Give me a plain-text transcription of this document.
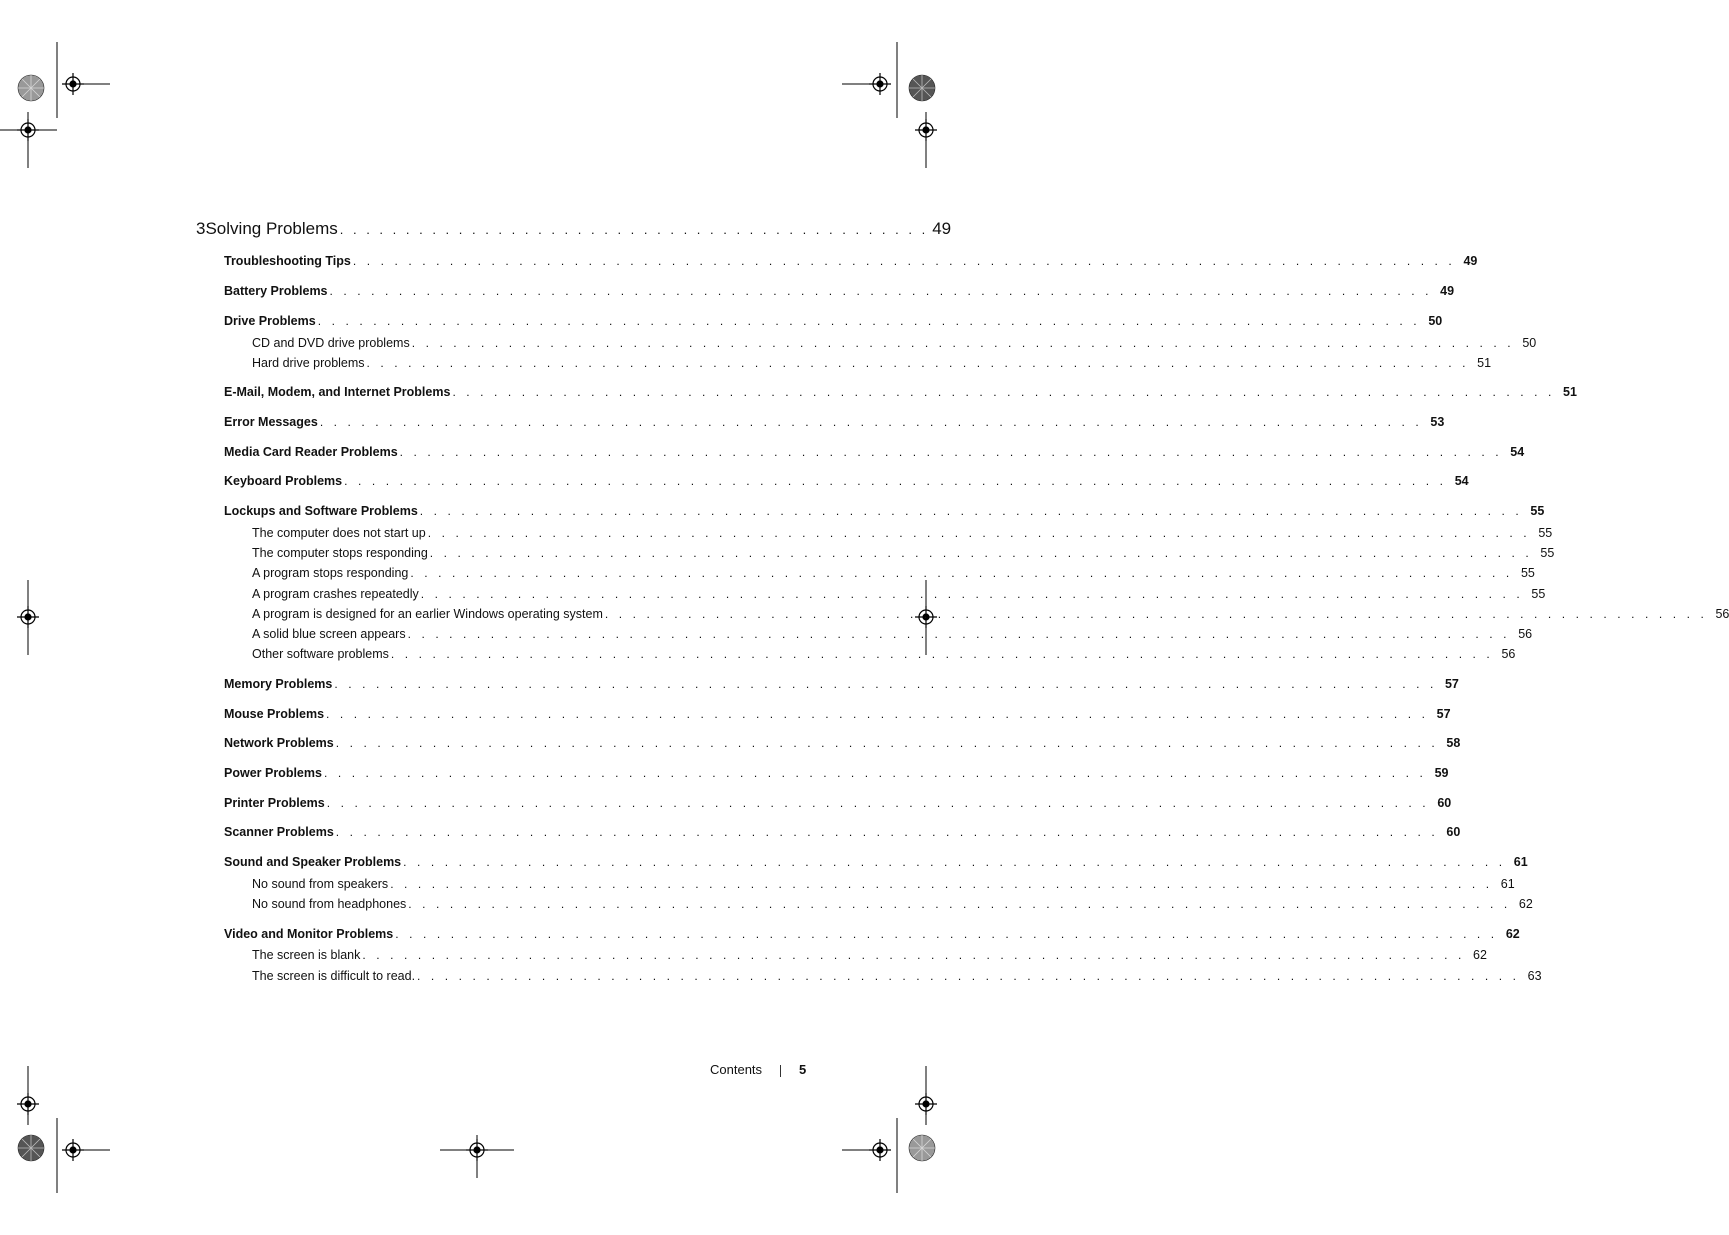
3 Solving Problems . . . . . . . . . . . . . . . . . . . . . . . . . . . . . . . . . . . . . . . . . . . . . 49
Troubleshooting Tips . . . . . . . . . . . . . . . . . . . . . . . . . . . . . . . . . . . . . . . . . . . . . . . . . . . . . . . . . . . . . . . . . . . . . . . . . . . . . . . . 49
Battery Problems . . . . . . . . . . . . . . . . . . . . . . . . . . . . . . . . . . . . . . . . . . . . . . . . . . . . . . . . . . . . . . . . . . . . . . . . . . . . . . . . 49
Drive Problems . . . . . . . . . . . . . . . . . . . . . . . . . . . . . . . . . . . . . . . . . . . . . . . . . . . . . . . . . . . . . . . . . . . . . . . . . . . . . . . . 50
CD and DVD drive problems . . . . . . . . . . . . . . . . . . . . . . . . . . . . . . . . . . . . . . . . . . . . . . . . . . . . . . . . . . . . . . . . . . . . . . . . . . . . . . . . 50
Hard drive problems . . . . . . . . . . . . . . . . . . . . . . . . . . . . . . . . . . . . . . . . . . . . . . . . . . . . . . . . . . . . . . . . . . . . . . . . . . . . . . . . 51
E-Mail, Modem, and Internet Problems . . . . . . . . . . . . . . . . . . . . . . . . . . . . . . . . . . . . . . . . . . . . . . . . . . . . . . . . . . . . . . . . . . . . . . . . . . . . . . . . 51
Error Messages . . . . . . . . . . . . . . . . . . . . . . . . . . . . . . . . . . . . . . . . . . . . . . . . . . . . . . . . . . . . . . . . . . . . . . . . . . . . . . . . 53
Media Card Reader Problems . . . . . . . . . . . . . . . . . . . . . . . . . . . . . . . . . . . . . . . . . . . . . . . . . . . . . . . . . . . . . . . . . . . . . . . . . . . . . . . . 54
Keyboard Problems . . . . . . . . . . . . . . . . . . . . . . . . . . . . . . . . . . . . . . . . . . . . . . . . . . . . . . . . . . . . . . . . . . . . . . . . . . . . . . . . 54
Lockups and Software Problems . . . . . . . . . . . . . . . . . . . . . . . . . . . . . . . . . . . . . . . . . . . . . . . . . . . . . . . . . . . . . . . . . . . . . . . . . . . . . . . . 55
The computer does not start up . . . . . . . . . . . . . . . . . . . . . . . . . . . . . . . . . . . . . . . . . . . . . . . . . . . . . . . . . . . . . . . . . . . . . . . . . . . . . . . . 55
The computer stops responding . . . . . . . . . . . . . . . . . . . . . . . . . . . . . . . . . . . . . . . . . . . . . . . . . . . . . . . . . . . . . . . . . . . . . . . . . . . . . . . . 55
A program stops responding . . . . . . . . . . . . . . . . . . . . . . . . . . . . . . . . . . . . . . . . . . . . . . . . . . . . . . . . . . . . . . . . . . . . . . . . . . . . . . . . 55
A program crashes repeatedly . . . . . . . . . . . . . . . . . . . . . . . . . . . . . . . . . . . . . . . . . . . . . . . . . . . . . . . . . . . . . . . . . . . . . . . . . . . . . . . . 55
A program is designed for an earlier Windows operating system . . . . . . . . . . . . . . . . . . . . . . . . . . . . . . . . . . . . . . . . . . . . . . . . . . . . . . . . . . . . . . . . . . . . . . . . . . . . . . . . 56
A solid blue screen appears . . . . . . . . . . . . . . . . . . . . . . . . . . . . . . . . . . . . . . . . . . . . . . . . . . . . . . . . . . . . . . . . . . . . . . . . . . . . . . . . 56
Other software problems . . . . . . . . . . . . . . . . . . . . . . . . . . . . . . . . . . . . . . . . . . . . . . . . . . . . . . . . . . . . . . . . . . . . . . . . . . . . . . . . 56
Memory Problems . . . . . . . . . . . . . . . . . . . . . . . . . . . . . . . . . . . . . . . . . . . . . . . . . . . . . . . . . . . . . . . . . . . . . . . . . . . . . . . . 57
Mouse Problems . . . . . . . . . . . . . . . . . . . . . . . . . . . . . . . . . . . . . . . . . . . . . . . . . . . . . . . . . . . . . . . . . . . . . . . . . . . . . . . . 57
Network Problems . . . . . . . . . . . . . . . . . . . . . . . . . . . . . . . . . . . . . . . . . . . . . . . . . . . . . . . . . . . . . . . . . . . . . . . . . . . . . . . . 58
Power Problems . . . . . . . . . . . . . . . . . . . . . . . . . . . . . . . . . . . . . . . . . . . . . . . . . . . . . . . . . . . . . . . . . . . . . . . . . . . . . . . . 59
Printer Problems . . . . . . . . . . . . . . . . . . . . . . . . . . . . . . . . . . . . . . . . . . . . . . . . . . . . . . . . . . . . . . . . . . . . . . . . . . . . . . . . 60
Scanner Problems . . . . . . . . . . . . . . . . . . . . . . . . . . . . . . . . . . . . . . . . . . . . . . . . . . . . . . . . . . . . . . . . . . . . . . . . . . . . . . . . 60
Sound and Speaker Problems . . . . . . . . . . . . . . . . . . . . . . . . . . . . . . . . . . . . . . . . . . . . . . . . . . . . . . . . . . . . . . . . . . . . . . . . . . . . . . . . 61
No sound from speakers . . . . . . . . . . . . . . . . . . . . . . . . . . . . . . . . . . . . . . . . . . . . . . . . . . . . . . . . . . . . . . . . . . . . . . . . . . . . . . . . 61
No sound from headphones . . . . . . . . . . . . . . . . . . . . . . . . . . . . . . . . . . . . . . . . . . . . . . . . . . . . . . . . . . . . . . . . . . . . . . . . . . . . . . . . 62
Video and Monitor Problems . . . . . . . . . . . . . . . . . . . . . . . . . . . . . . . . . . . . . . . . . . . . . . . . . . . . . . . . . . . . . . . . . . . . . . . . . . . . . . . . 62
The screen is blank . . . . . . . . . . . . . . . . . . . . . . . . . . . . . . . . . . . . . . . . . . . . . . . . . . . . . . . . . . . . . . . . . . . . . . . . . . . . . . . . 62
The screen is difficult to read. . . . . . . . . . . . . . . . . . . . . . . . . . . . . . . . . . . . . . . . . . . . . . . . . . . . . . . . . . . . . . . . . . . . . . . . . . . . . . . . . 63
Contents	5
